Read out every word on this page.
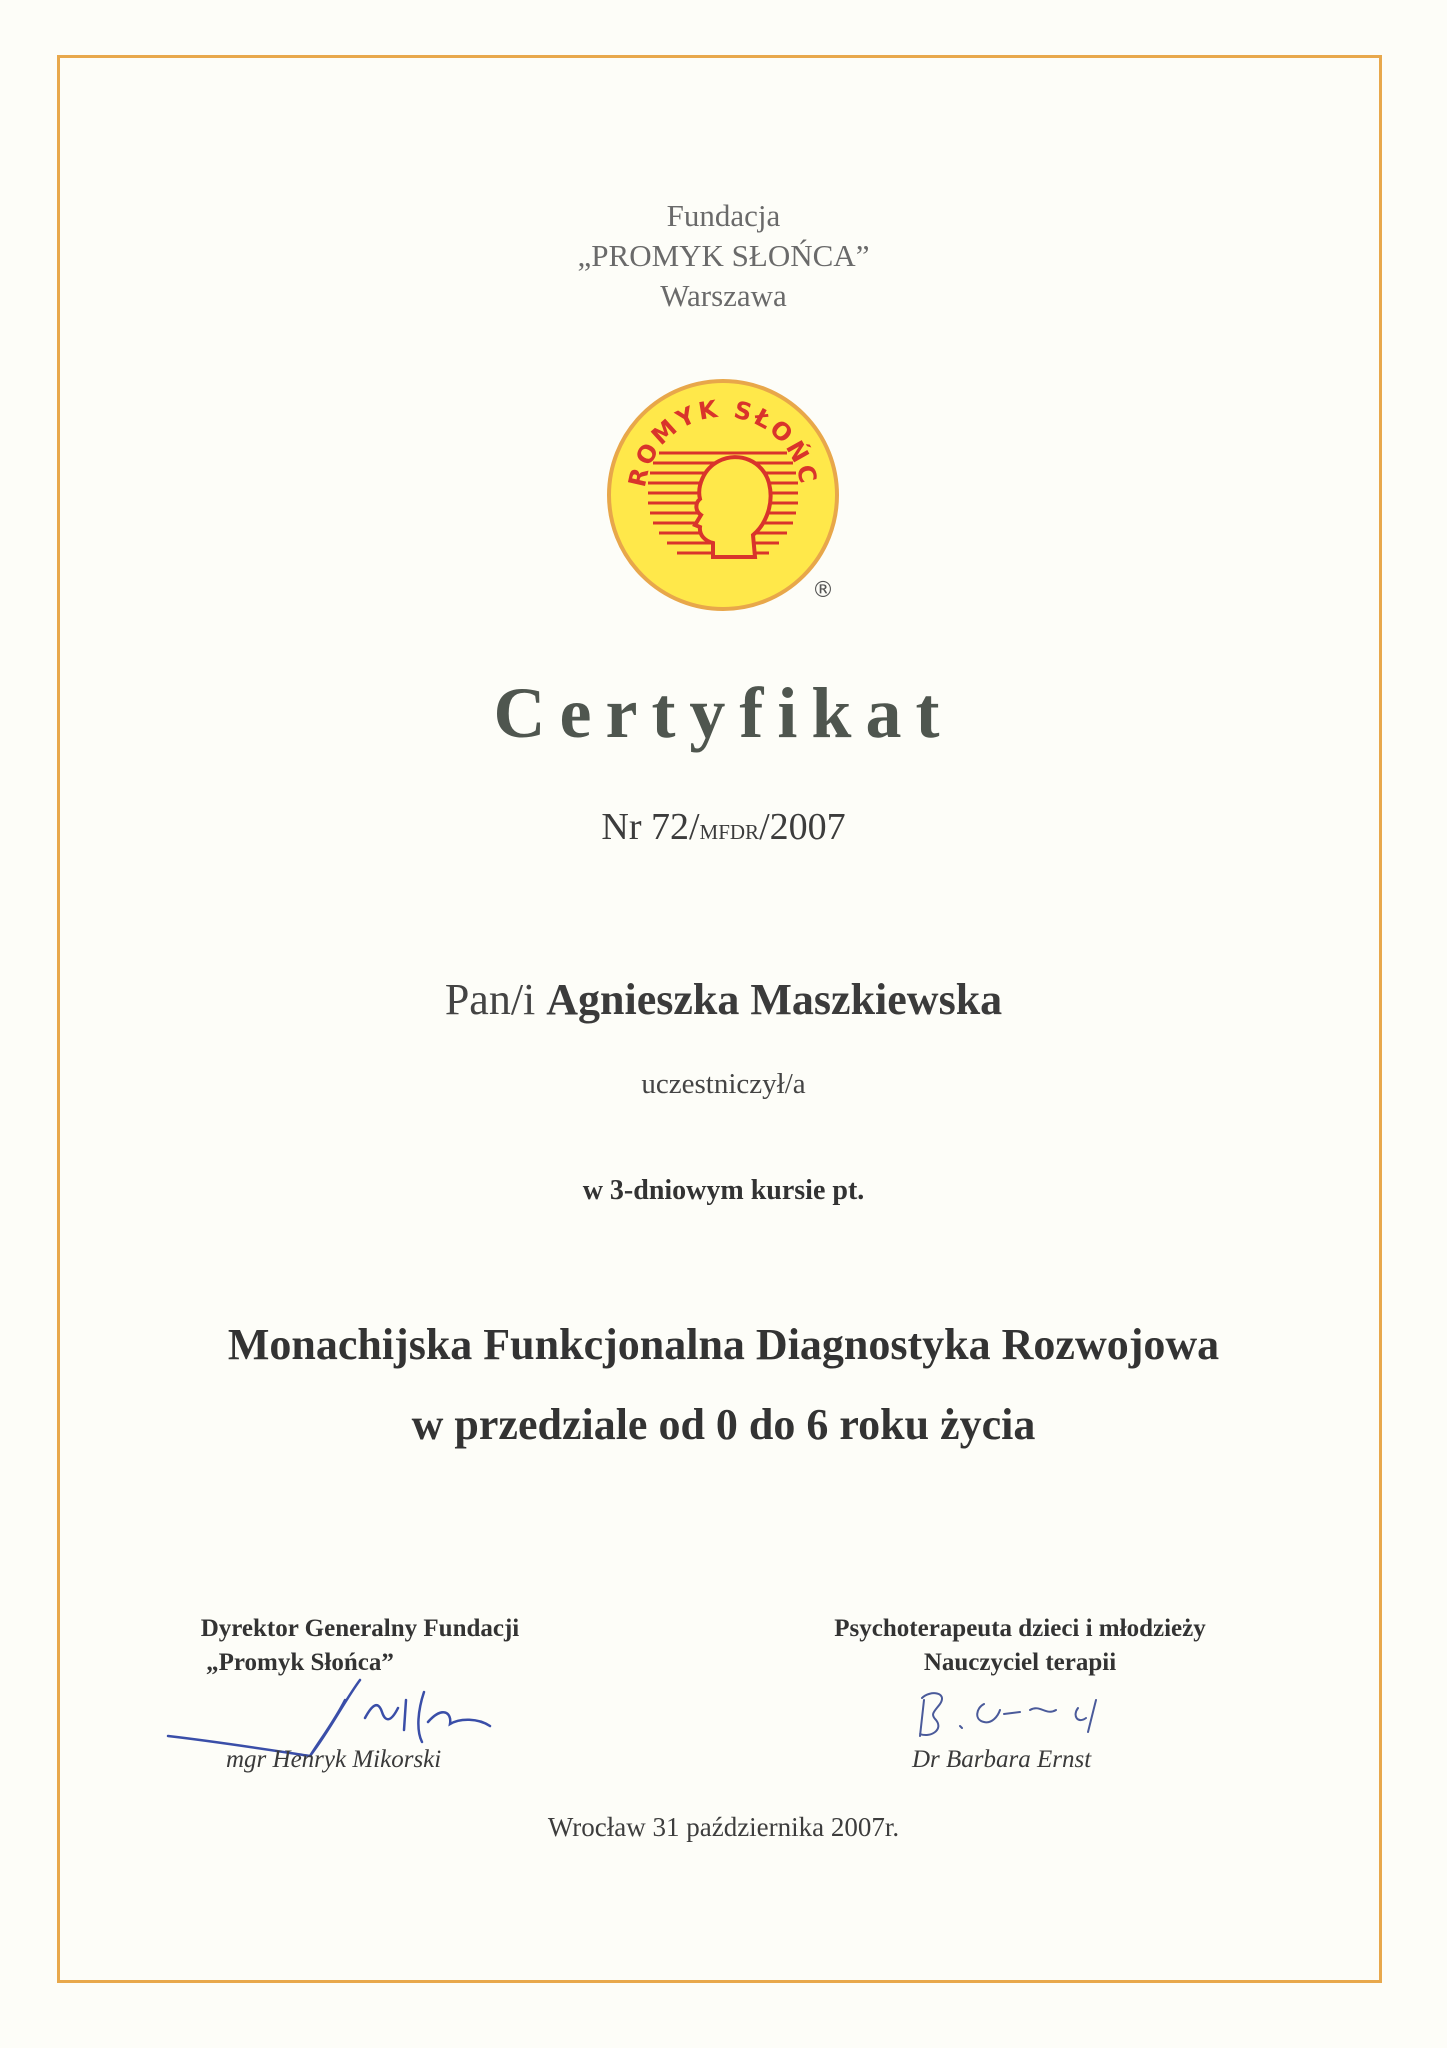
Fundacja
„PROMYK SŁOŃCA”
Warszawa
ROMYK SŁOŃC
®
Certyfikat
Nr 72/mfdr/2007
Pan/i Agnieszka Maszkiewska
uczestniczył/a
w 3-dniowym kursie pt.
Monachijska Funkcjonalna Diagnostyka Rozwojowa
w przedziale od 0 do 6 roku życia
Dyrektor Generalny Fundacji
„Promyk Słońca”
mgr Henryk Mikorski
Psychoterapeuta dzieci i młodzieży
Nauczyciel terapii
Dr Barbara Ernst
Wrocław 31 października 2007r.
